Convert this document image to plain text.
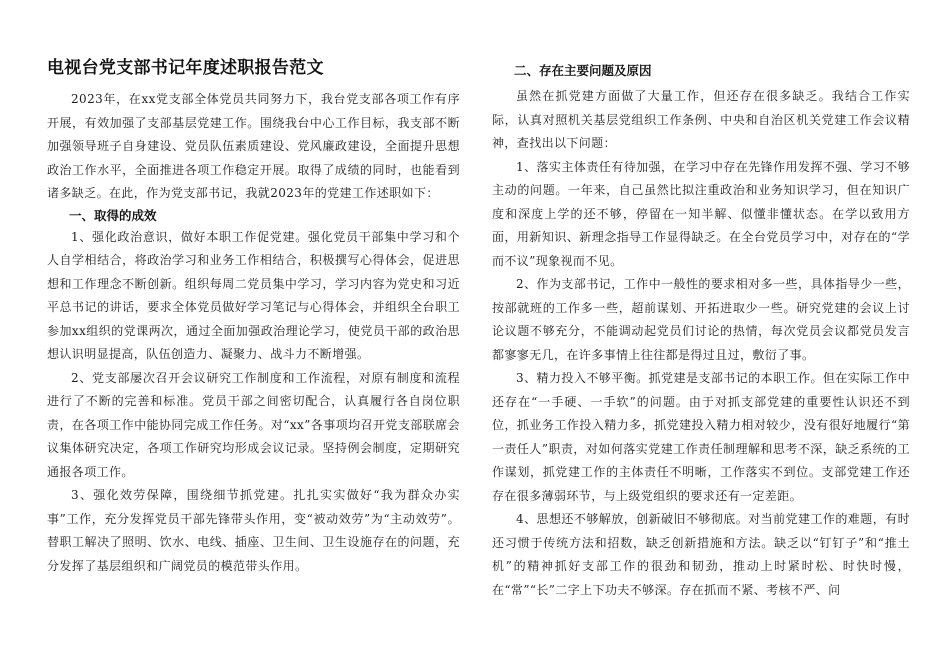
电视台党支部书记年度述职报告范文

2023年，在xx党支部全体党员共同努力下，我台党支部各项工作有序开展，有效加强了支部基层党建工作。围绕我台中心工作目标，我支部不断加强领导班子自身建设、党员队伍素质建设、党风廉政建设，全面提升思想政治工作水平，全面推进各项工作稳定开展。取得了成绩的同时，也能看到诸多缺乏。在此，作为党支部书记，我就2023年的党建工作述职如下：

一、取得的成效

1、强化政治意识，做好本职工作促党建。强化党员干部集中学习和个人自学相结合，将政治学习和业务工作相结合，积极撰写心得体会，促进思想和工作理念不断创新。组织每周二党员集中学习，学习内容为党史和习近平总书记的讲话，要求全体党员做好学习笔记与心得体会，并组织全台职工参加xx组织的党课两次，通过全面加强政治理论学习，使党员干部的政治思想认识明显提高，队伍创造力、凝聚力、战斗力不断增强。

2、党支部屡次召开会议研究工作制度和工作流程，对原有制度和流程进行了不断的完善和标准。党员干部之间密切配合，认真履行各自岗位职责，在各项工作中能协同完成工作任务。对“xx”各事项均召开党支部联席会议集体研究决定，各项工作研究均形成会议记录。坚持例会制度，定期研究通报各项工作。

3、强化效劳保障，围绕细节抓党建。扎扎实实做好“我为群众办实事”工作，充分发挥党员干部先锋带头作用，变“被动效劳”为“主动效劳”。替职工解决了照明、饮水、电线、插座、卫生间、卫生设施存在的问题，充分发挥了基层组织和广阔党员的模范带头作用。

二、存在主要问题及原因

虽然在抓党建方面做了大量工作，但还存在很多缺乏。我结合工作实际，认真对照机关基层党组织工作条例、中央和自治区机关党建工作会议精神，查找出以下问题：

1、落实主体责任有待加强，在学习中存在先锋作用发挥不强、学习不够主动的问题。一年来，自己虽然比拟注重政治和业务知识学习，但在知识广度和深度上学的还不够，停留在一知半解、似懂非懂状态。在学以致用方面，用新知识、新理念指导工作显得缺乏。在全台党员学习中，对存在的“学而不议”现象视而不见。

2、作为支部书记，工作中一般性的要求相对多一些，具体指导少一些，按部就班的工作多一些，超前谋划、开拓进取少一些。研究党建的会议上讨论议题不够充分，不能调动起党员们讨论的热情，每次党员会议都党员发言都寥寥无几，在许多事情上往往都是得过且过，敷衍了事。

3、精力投入不够平衡。抓党建是支部书记的本职工作。但在实际工作中还存在“一手硬、一手软”的问题。由于对抓支部党建的重要性认识还不到位，抓业务工作投入精力多，抓党建投入精力相对较少，没有很好地履行“第一责任人”职责，对如何落实党建工作责任制理解和思考不深，缺乏系统的工作谋划，抓党建工作的主体责任不明晰，工作落实不到位。支部党建工作还存在很多薄弱环节，与上级党组织的要求还有一定差距。

4、思想还不够解放，创新破旧不够彻底。对当前党建工作的难题，有时还习惯于传统方法和招数，缺乏创新措施和方法。缺乏以“钉钉子”和“推土机”的精神抓好支部工作的很劲和韧劲，推动上时紧时松、时快时慢，在“常”“长”二字上下功夫不够深。存在抓而不紧、考核不严、问
